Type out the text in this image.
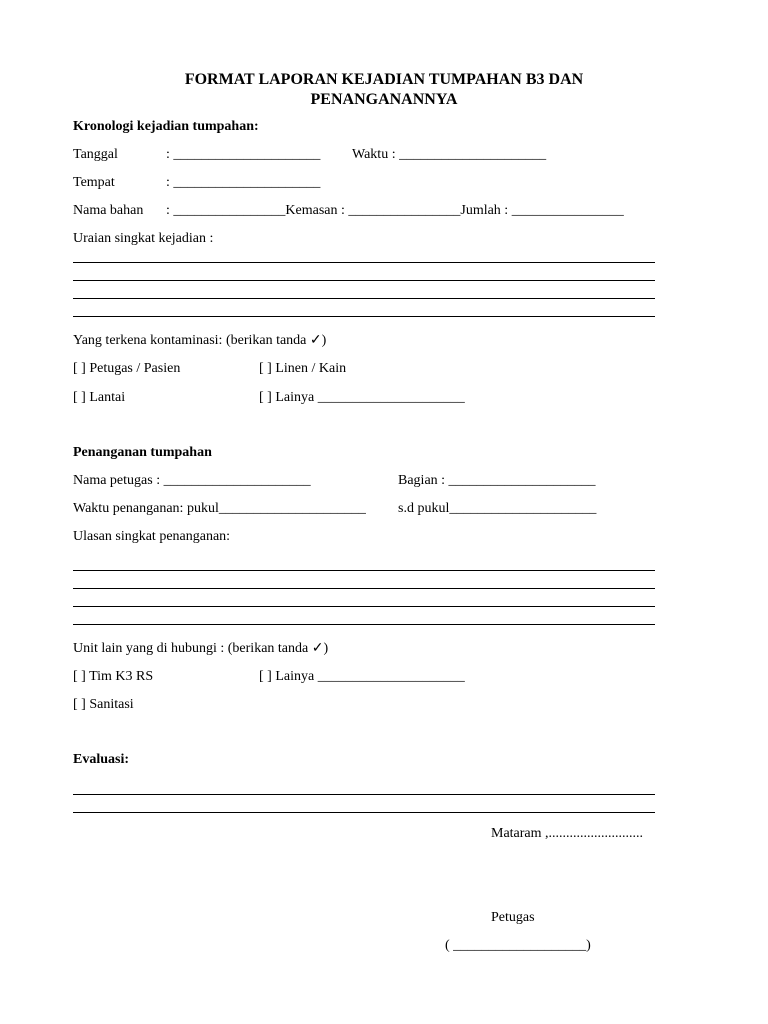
FORMAT LAPORAN KEJADIAN TUMPAHAN B3 DAN
PENANGANANNYA
Kronologi kejadian tumpahan:
Tanggal	: _____________________ Waktu : _____________________
Tempat	: _____________________
Nama bahan : ________________Kemasan : ________________Jumlah : ________________
Uraian singkat kejadian :
Yang terkena kontaminasi: (berikan tanda ✓)
[ ] Petugas / Pasien	[ ] Linen / Kain
[ ] Lantai	[ ] Lainya _____________________
Penanganan tumpahan
Nama petugas : _____________________	Bagian : _____________________
Waktu penanganan: pukul_____________________ s.d pukul_____________________
Ulasan singkat penanganan:
Unit lain yang di hubungi : (berikan tanda ✓)
[ ] Tim K3 RS	[ ] Lainya _____________________
[ ] Sanitasi
Evaluasi:
Mataram ,...........................
Petugas
( ___________________)
